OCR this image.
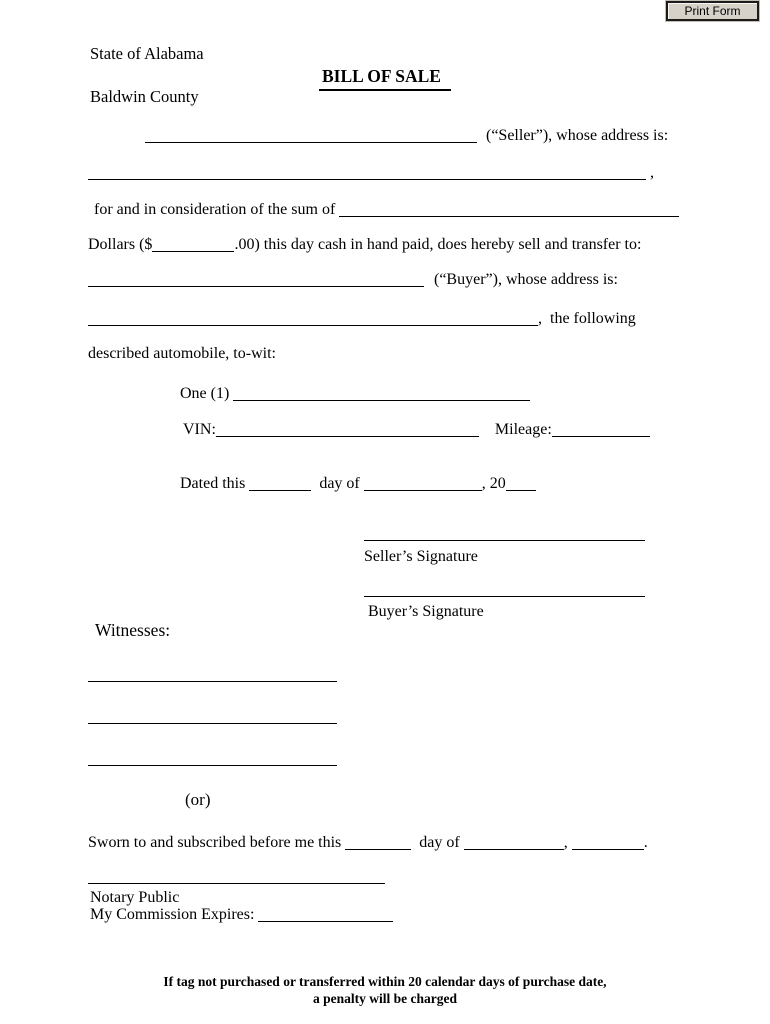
Print Form
State of Alabama
BILL OF SALE
Baldwin County
(“Seller”), whose address is:
,
for and in consideration of the sum of
Dollars ($	.00) this day cash in hand paid, does hereby sell and transfer to:
(“Buyer”), whose address is:
,  the following
described automobile, to-wit:
One (1)
VIN:	Mileage:
Dated this	day of	, 20
Seller’s Signature
Buyer’s Signature
Witnesses:
(or)
Sworn to and subscribed before me this	day of	,	.
Notary Public
My Commission Expires:
If tag not purchased or transferred within 20 calendar days of purchase date,
a penalty will be charged
